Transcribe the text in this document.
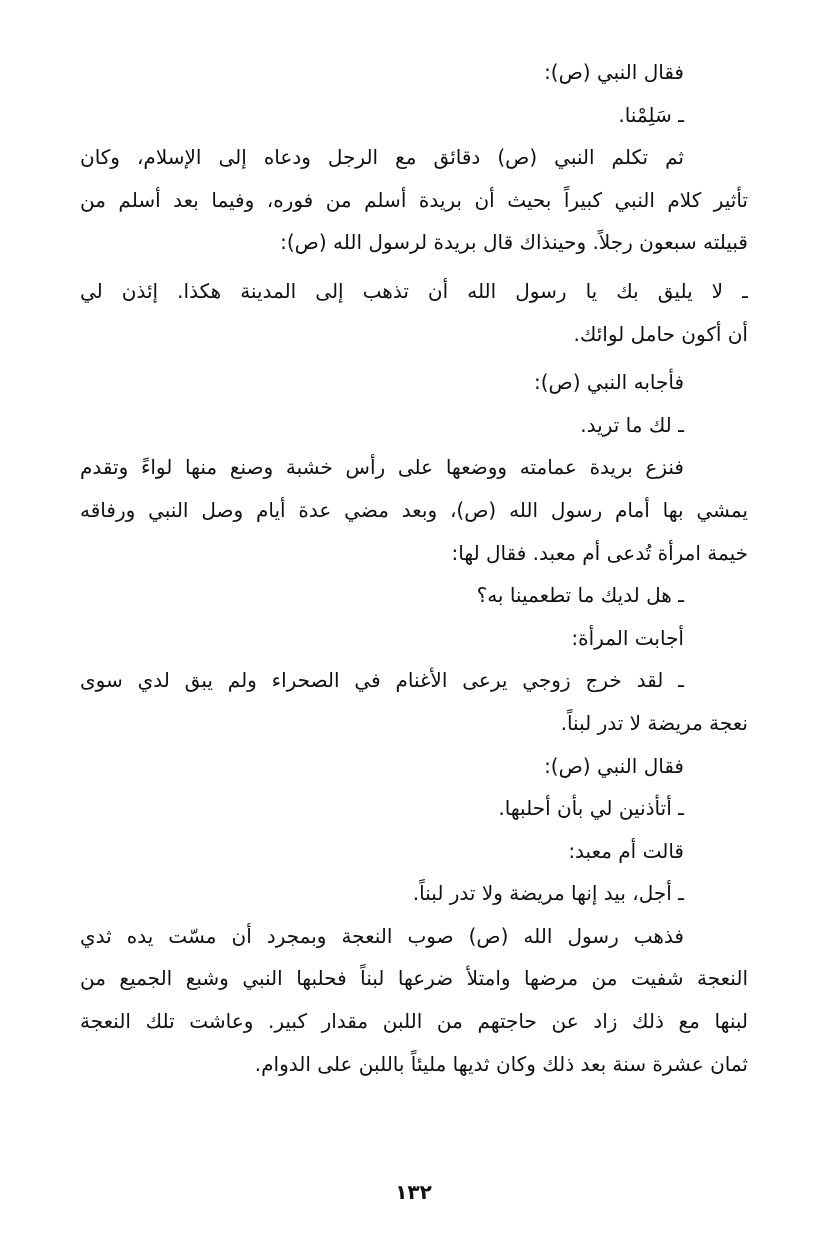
فقال النبي (ص):
ـ سَلِمْنا.
ثم تكلم النبي (ص) دقائق مع الرجل ودعاه إلى الإسلام، وكان
تأثير كلام النبي كبيراً بحيث أن بريدة أسلم من فوره، وفيما بعد أسلم من
قبيلته سبعون رجلاً. وحينذاك قال بريدة لرسول الله (ص):
ـ لا يليق بك يا رسول الله أن تذهب إلى المدينة هكذا. إئذن لي
أن أكون حامل لوائك.
فأجابه النبي (ص):
ـ لك ما تريد.
فنزع بريدة عمامته ووضعها على رأس خشبة وصنع منها لواءً وتقدم
يمشي بها أمام رسول الله (ص)، وبعد مضي عدة أيام وصل النبي ورفاقه
خيمة امرأة تُدعى أم معبد. فقال لها:
ـ هل لديك ما تطعمينا به؟
أجابت المرأة:
ـ لقد خرج زوجي يرعى الأغنام في الصحراء ولم يبق لدي سوى
نعجة مريضة لا تدر لبناً.
فقال النبي (ص):
ـ أتأذنين لي بأن أحلبها.
قالت أم معبد:
ـ أجل، بيد إنها مريضة ولا تدر لبناً.
فذهب رسول الله (ص) صوب النعجة وبمجرد أن مسّت يده ثدي
النعجة شفيت من مرضها وامتلأ ضرعها لبناً فحلبها النبي وشبع الجميع من
لبنها مع ذلك زاد عن حاجتهم من اللبن مقدار كبير. وعاشت تلك النعجة
ثمان عشرة سنة بعد ذلك وكان ثديها مليئاً باللبن على الدوام.
١٣٢
